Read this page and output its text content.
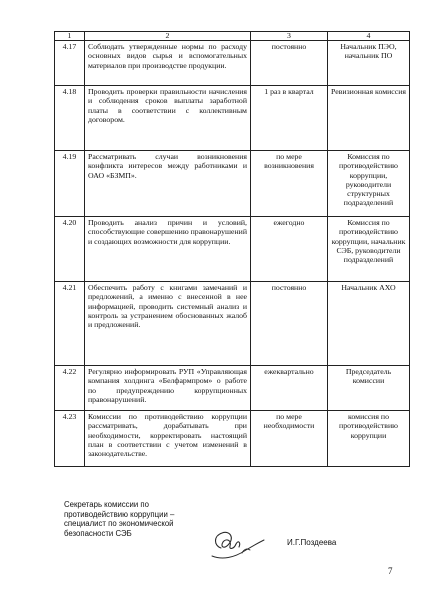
1	2	3	4
4.17	Соблюдать утвержденные нормы по расходу основных видов сырья и вспомогательных материалов при производстве продукции.	постоянно	Начальник ПЭО, начальник ПО
4.18	Проводить проверки правильности начисления и соблюдения сроков выплаты заработной платы в соответствии с коллективным договором.	1 раз в квартал	Ревизионная комиссия
4.19	Рассматривать случаи возникновения конфликта интересов между работниками и ОАО «БЗМП».	по мере возникновения	Комиссия по противодействию коррупции, руководители структурных подразделений
4.20	Проводить анализ причин и условий, способствующие совершению правонарушений и создающих возможности для коррупции.	ежегодно	Комиссия по противодействию коррупции, начальник СЭБ, руководители подразделений
4.21	Обеспечить работу с книгами замечаний и предложений, а именно с внесенной в нее информацией, проводить системный анализ и контроль за устранением обоснованных жалоб и предложений.	постоянно	Начальник АХО
4.22	Регулярно информировать РУП «Управляющая компания холдинга «Белфармпром» о работе по предупреждению коррупционных правонарушений.	ежеквартально	Председатель комиссии
4.23	Комиссии по противодействию коррупции рассматривать, дорабатывать при необходимости, корректировать настоящий план в соответствии с учетом изменений в законодательстве.	по мере необходимости	комиссия по противодействию коррупции
Секретарь комиссии по
противодействию коррупции –
специалист по экономической
безопасности СЭБ
И.Г.Поздеева
7
